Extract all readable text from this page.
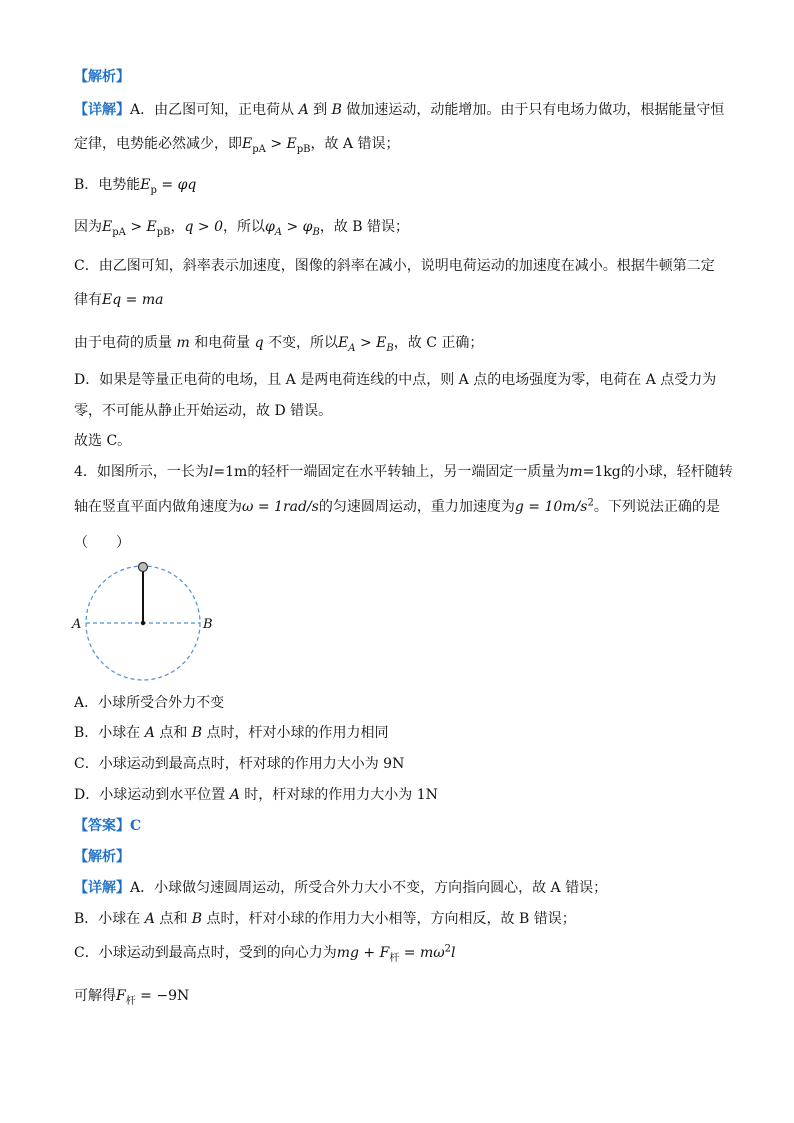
【解析】
【详解】A．由乙图可知，正电荷从 A 到 B 做加速运动，动能增加。由于只有电场力做功，根据能量守恒
定律，电势能必然减少，即$E_{pA} > E_{pB}$，故 A 错误；
B．电势能$E_p = \varphi q$
因为$E_{pA} > E_{pB}$，q > 0，所以$\varphi_A > \varphi_B$，故 B 错误；
C．由乙图可知，斜率表示加速度，图像的斜率在减小，说明电荷运动的加速度在减小。根据牛顿第二定
律有Eq = ma
由于电荷的质量 m 和电荷量 q 不变，所以$E_A > E_B$，故 C 正确；
D．如果是等量正电荷的电场，且 A 是两电荷连线的中点，则 A 点的电场强度为零，电荷在 A 点受力为
零，不可能从静止开始运动，故 D 错误。
故选 C。
4．如图所示，一长为l=1m的轻杆一端固定在水平转轴上，另一端固定一质量为m=1kg的小球，轻杆随转
轴在竖直平面内做角速度为ω = 1rad/s的匀速圆周运动，重力加速度为$g = 10m/s^2$。下列说法正确的是
（　　）
A	B
A．小球所受合外力不变
B．小球在 A 点和 B 点时，杆对小球的作用力相同
C．小球运动到最高点时，杆对球的作用力大小为 9N
D．小球运动到水平位置 A 时，杆对球的作用力大小为 1N
【答案】C
【解析】
【详解】A．小球做匀速圆周运动，所受合外力大小不变，方向指向圆心，故 A 错误；
B．小球在 A 点和 B 点时，杆对小球的作用力大小相等，方向相反，故 B 错误；
C．小球运动到最高点时，受到的向心力为mg + $F_杆 = m\omega^2l$
可解得$F_杆 = -9N$
